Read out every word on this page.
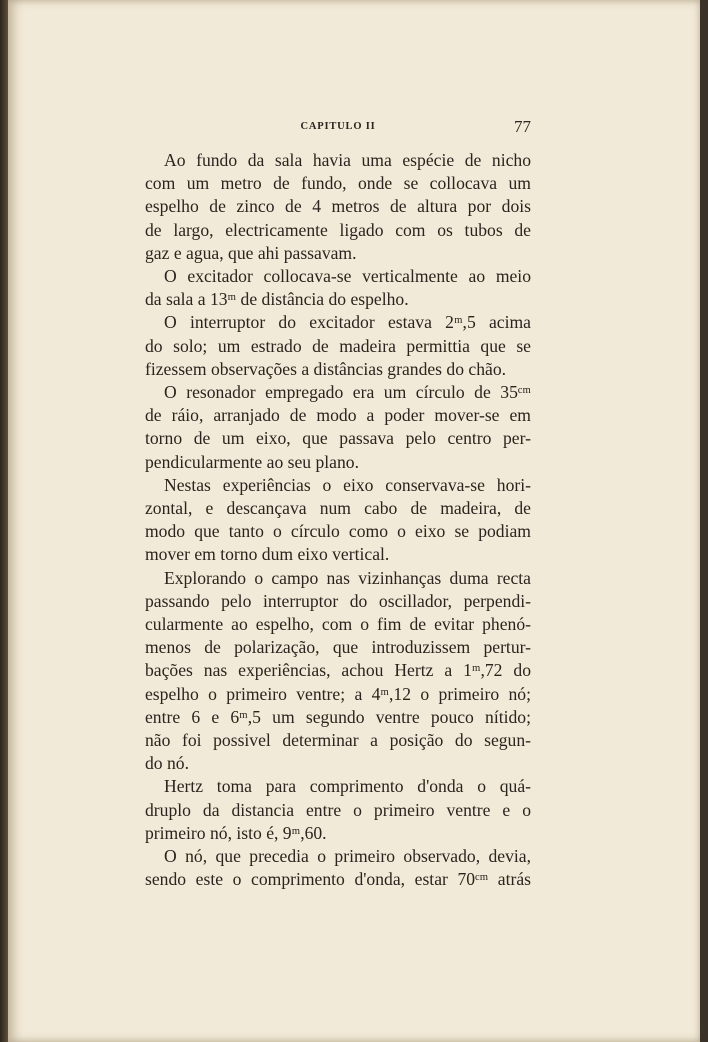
CAPITULO II	77
Ao fundo da sala havia uma espécie de nicho
com um metro de fundo, onde se collocava um
espelho de zinco de 4 metros de altura por dois
de largo, electricamente ligado com os tubos de
gaz e agua, que ahi passavam.
O excitador collocava-se verticalmente ao meio
da sala a 13ᵐ de distância do espelho.
O interruptor do excitador estava 2ᵐ,5 acima
do solo; um estrado de madeira permittia que se
fizessem observações a distâncias grandes do chão.
O resonador empregado era um círculo de 35ᶜᵐ
de ráio, arranjado de modo a poder mover-se em
torno de um eixo, que passava pelo centro per-
pendicularmente ao seu plano.
Nestas experiências o eixo conservava-se hori-
zontal, e descançava num cabo de madeira, de
modo que tanto o círculo como o eixo se podiam
mover em torno dum eixo vertical.
Explorando o campo nas vizinhanças duma recta
passando pelo interruptor do oscillador, perpendi-
cularmente ao espelho, com o fim de evitar phenó-
menos de polarização, que introduzissem pertur-
bações nas experiências, achou Hertz a 1ᵐ,72 do
espelho o primeiro ventre; a 4ᵐ,12 o primeiro nó;
entre 6 e 6ᵐ,5 um segundo ventre pouco nítido;
não foi possivel determinar a posição do segun-
do nó.
Hertz toma para comprimento d'onda o quá-
druplo da distancia entre o primeiro ventre e o
primeiro nó, isto é, 9ᵐ,60.
O nó, que precedia o primeiro observado, devia,
sendo este o comprimento d'onda, estar 70ᶜᵐ atrás
